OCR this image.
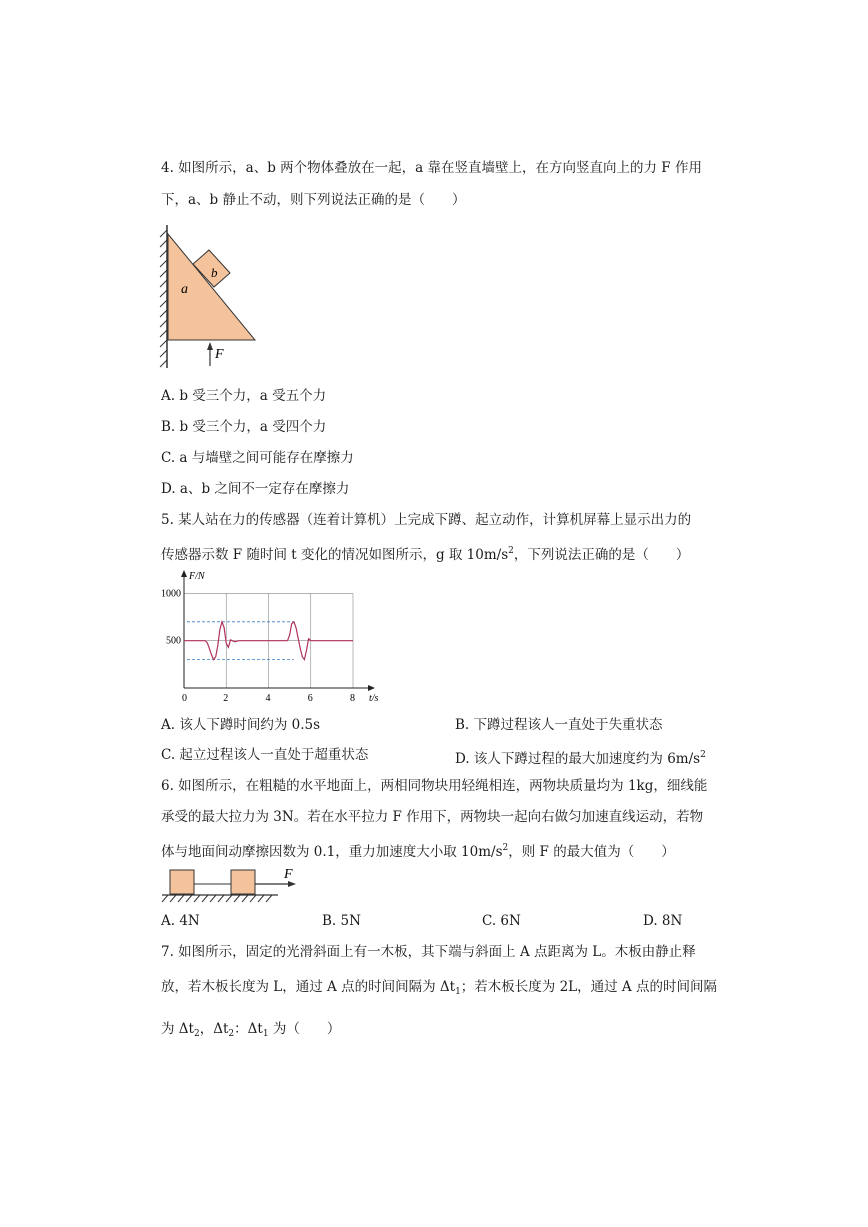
4. 如图所示，a、b 两个物体叠放在一起，a 靠在竖直墙壁上，在方向竖直向上的力 F 作用
下，a、b 静止不动，则下列说法正确的是（　　）
a
b
F
A. b 受三个力，a 受五个力
B. b 受三个力，a 受四个力
C. a 与墙壁之间可能存在摩擦力
D. a、b 之间不一定存在摩擦力
5. 某人站在力的传感器（连着计算机）上完成下蹲、起立动作，计算机屏幕上显示出力的
传感器示数 F 随时间 t 变化的情况如图所示，g 取 $10m/s^2$，下列说法正确的是（　　）
0	2	4	6	8
500
1000
F/N
t/s
A. 该人下蹲时间约为 0.5s	B. 下蹲过程该人一直处于失重状态
C. 起立过程该人一直处于超重状态	D. 该人下蹲过程的最大加速度约为 $6m/s^2$
6. 如图所示，在粗糙的水平地面上，两相同物块用轻绳相连，两物块质量均为 1kg，细线能
承受的最大拉力为 3N。若在水平拉力 F 作用下，两物块一起向右做匀加速直线运动，若物
体与地面间动摩擦因数为 0.1，重力加速度大小取 $10m/s^2$，则 F 的最大值为（　　）
F
A. 4N	B. 5N	C. 6N	D. 8N
7. 如图所示，固定的光滑斜面上有一木板，其下端与斜面上 A 点距离为 L。木板由静止释
放，若木板长度为 L，通过 A 点的时间间隔为 $\Delta t_1$；若木板长度为 2L，通过 A 点的时间间隔
为 $\Delta t_2$，$\Delta t_2$：$\Delta t_1$ 为（　　）
